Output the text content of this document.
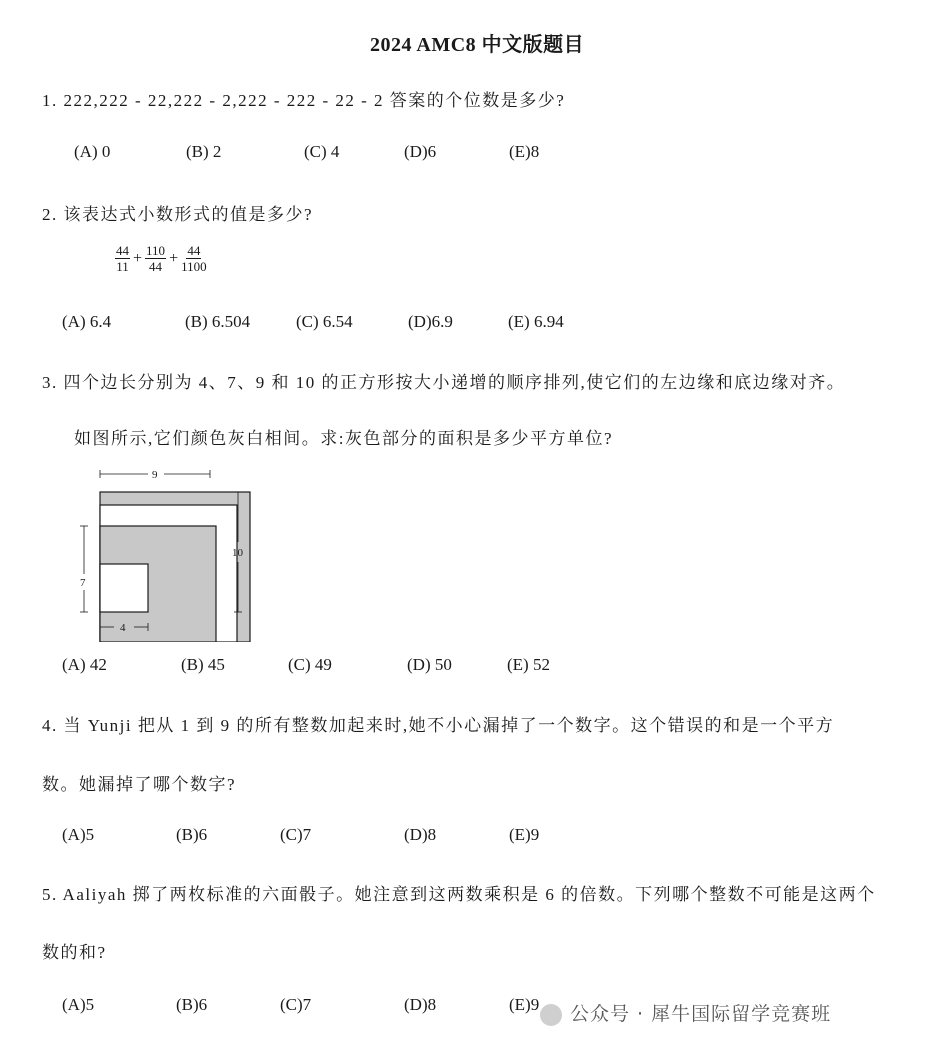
2024 AMC8 中文版题目
1. 222,222 - 22,222 - 2,222 - 222 - 22 - 2 答案的个位数是多少?
(A) 0	(B) 2	(C) 4	(D)6	(E)8
2. 该表达式小数形式的值是多少?
$\frac{44}{11} + \frac{110}{44} + \frac{44}{1100}$
(A) 6.4	(B) 6.504	(C) 6.54	(D)6.9	(E) 6.94
3. 四个边长分别为 4、7、9 和 10 的正方形按大小递增的顺序排列,使它们的左边缘和底边缘对齐。
如图所示,它们颜色灰白相间。求:灰色部分的面积是多少平方单位?
9
10
7
4
(A) 42	(B) 45	(C) 49	(D) 50	(E) 52
4. 当 Yunji 把从 1 到 9 的所有整数加起来时,她不小心漏掉了一个数字。这个错误的和是一个平方
数。她漏掉了哪个数字?
(A)5	(B)6	(C)7	(D)8	(E)9
5. Aaliyah 掷了两枚标准的六面骰子。她注意到这两数乘积是 6 的倍数。下列哪个整数不可能是这两个
数的和?
(A)5	(B)6	(C)7	(D)8	(E)9	公众号 · 犀牛国际留学竞赛班
